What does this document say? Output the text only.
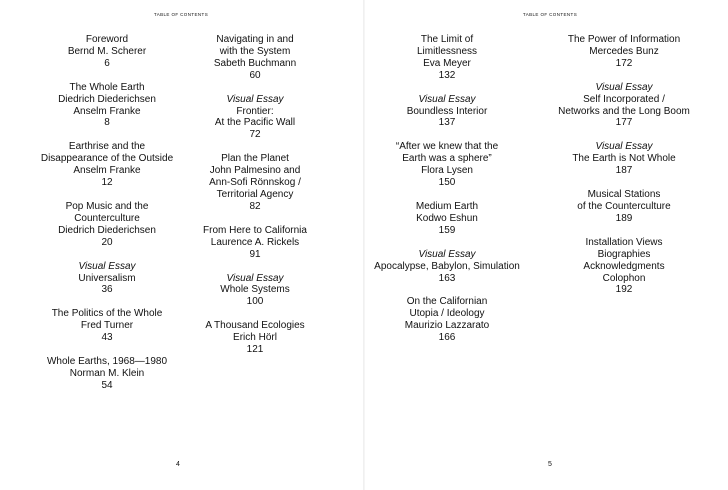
TABLE OF CONTENTS
Foreword
Bernd M. Scherer
6
The Whole Earth
Diedrich Diederichsen
Anselm Franke
8
Earthrise and the
Disappearance of the Outside
Anselm Franke
12
Pop Music and the
Counterculture
Diedrich Diederichsen
20
Visual Essay
Universalism
36
The Politics of the Whole
Fred Turner
43
Whole Earths, 1968—1980
Norman M. Klein
54
Navigating in and
with the System
Sabeth Buchmann
60
Visual Essay
Frontier:
At the Pacific Wall
72
Plan the Planet
John Palmesino and
Ann-Sofi Rönnskog /
Territorial Agency
82
From Here to California
Laurence A. Rickels
91
Visual Essay
Whole Systems
100
A Thousand Ecologies
Erich Hörl
121
4
TABLE OF CONTENTS
The Limit of
Limitlessness
Eva Meyer
132
Visual Essay
Boundless Interior
137
“After we knew that the
Earth was a sphere”
Flora Lysen
150
Medium Earth
Kodwo Eshun
159
Visual Essay
Apocalypse, Babylon, Simulation
163
On the Californian
Utopia / Ideology
Maurizio Lazzarato
166
The Power of Information
Mercedes Bunz
172
Visual Essay
Self Incorporated /
Networks and the Long Boom
177
Visual Essay
The Earth is Not Whole
187
Musical Stations
of the Counterculture
189
Installation Views
Biographies
Acknowledgments
Colophon
192
5
